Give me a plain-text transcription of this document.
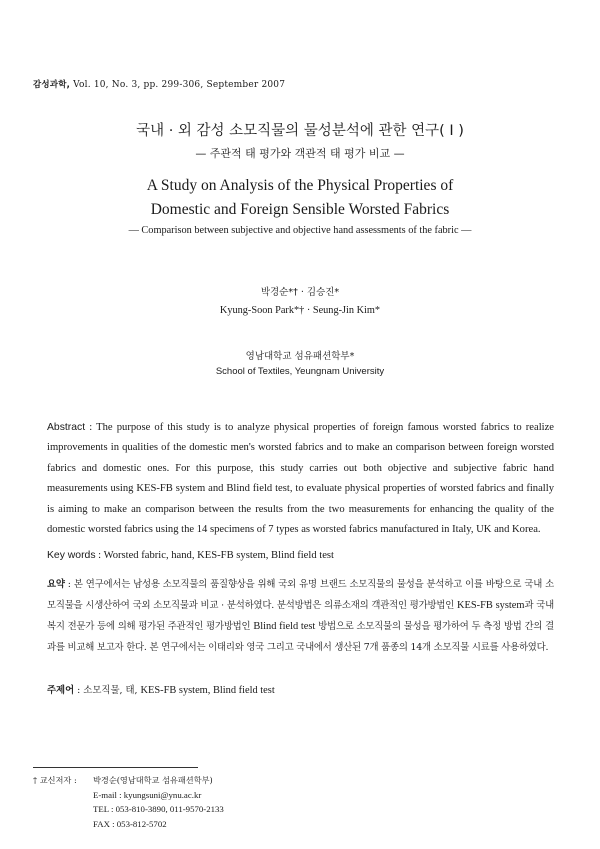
감성과학, Vol. 10, No. 3, pp. 299-306, September 2007
국내 · 외 감성 소모직물의 물성분석에 관한 연구( I )
— 주관적 태 평가와 객관적 태 평가 비교 —
A Study on Analysis of the Physical Properties of
Domestic and Foreign Sensible Worsted Fabrics
— Comparison between subjective and objective hand assessments of the fabric —
박경순*† · 김승진*
Kyung-Soon Park*† · Seung-Jin Kim*
영남대학교 섬유패션학부*
School of Textiles, Yeungnam University
Abstract : The purpose of this study is to analyze physical properties of foreign famous worsted fabrics to realize improvements in qualities of the domestic men's worsted fabrics and to make an comparison between foreign worsted fabrics and domestic ones. For this purpose, this study carries out both objective and subjective fabric hand measurements using KES-FB system and Blind field test, to evaluate physical properties of worsted fabrics and finally is aiming to make an comparison between the results from the two measurements for enhancing the quality of the domestic worsted fabrics using the 14 specimens of 7 types as worsted fabrics manufactured in Italy, UK and Korea.
Key words : Worsted fabric, hand, KES-FB system, Blind field test
요약 : 본 연구에서는 남성용 소모직물의 품질향상을 위해 국외 유명 브랜드 소모직물의 물성을 분석하고 이를 바탕으로 국내 소모직물을 시생산하여 국외 소모직물과 비교 · 분석하였다. 분석방법은 의류소재의 객관적인 평가방법인 KES-FB system과 국내 복지 전문가 등에 의해 평가된 주관적인 평가방법인 Blind field test 방법으로 소모직물의 물성을 평가하여 두 측정 방법 간의 결과를 비교해 보고자 한다. 본 연구에서는 이태리와 영국 그리고 국내에서 생산된 7개 품종의 14개 소모직물 시료를 사용하였다.
주제어 : 소모직물, 태, KES-FB system, Blind field test
† 교신저자 :	박경순(영남대학교 섬유패션학부)
E-mail : kyungsuni@ynu.ac.kr
TEL : 053-810-3890, 011-9570-2133
FAX : 053-812-5702
